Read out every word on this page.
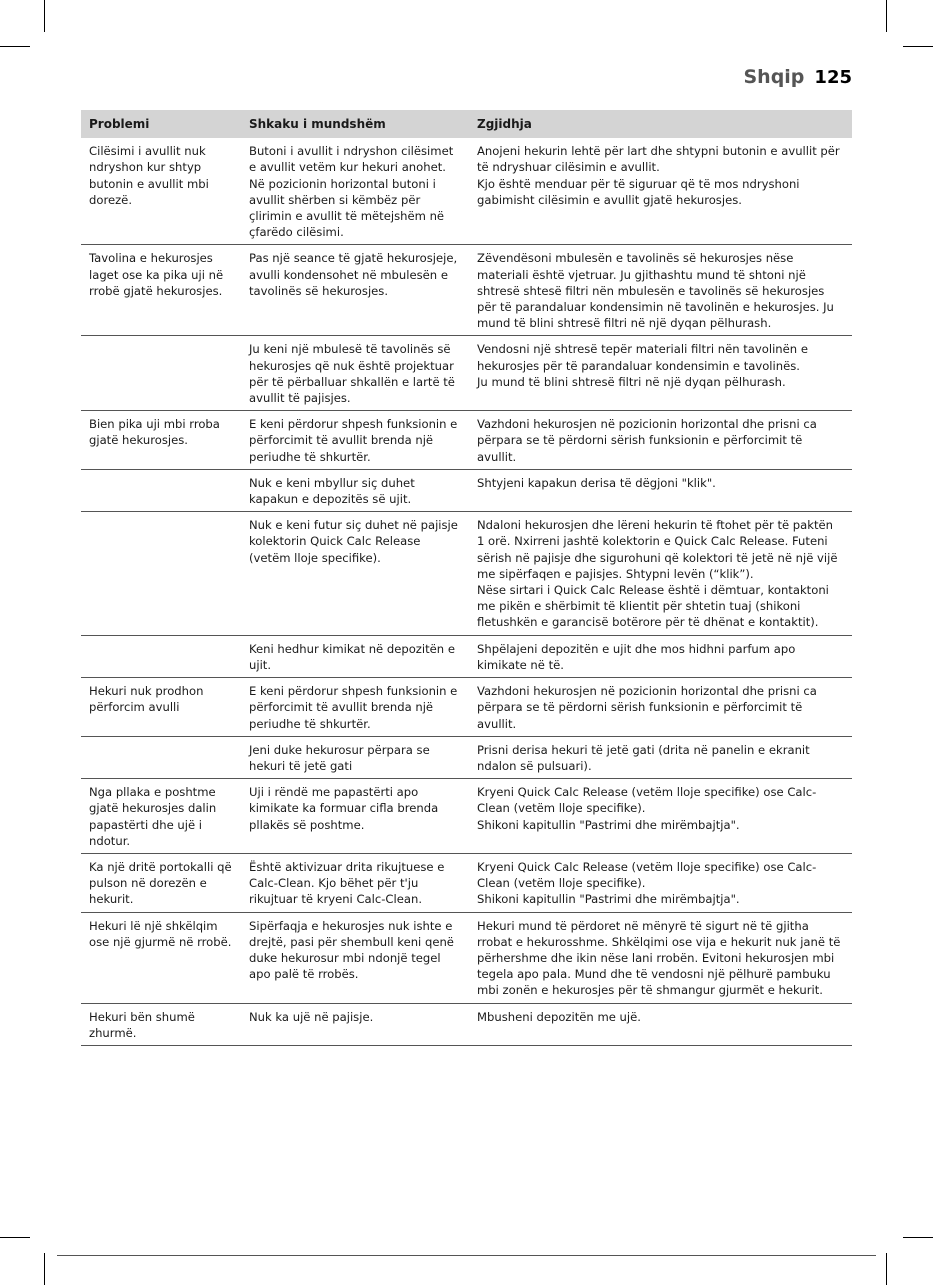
Shqip 125
Problemi	Shkaku i mundshëm	Zgjidhja
Cilësimi i avullit nuk ndryshon kur shtyp butonin e avullit mbi dorezë.	Butoni i avullit i ndryshon cilësimet e avullit vetëm kur hekuri anohet. Në pozicionin horizontal butoni i avullit shërben si këmbëz për çlirimin e avullit të mëtejshëm në çfarëdo cilësimi.	Anojeni hekurin lehtë për lart dhe shtypni butonin e avullit për të ndryshuar cilësimin e avullit.
Kjo është menduar për të siguruar që të mos ndryshoni gabimisht cilësimin e avullit gjatë hekurosjes.
Tavolina e hekurosjes laget ose ka pika uji në rrobë gjatë hekurosjes.	Pas një seance të gjatë hekurosjeje, avulli kondensohet në mbulesën e tavolinës së hekurosjes.	Zëvendësoni mbulesën e tavolinës së hekurosjes nëse materiali është vjetruar. Ju gjithashtu mund të shtoni një shtresë shtesë filtri nën mbulesën e tavolinës së hekurosjes për të parandaluar kondensimin në tavolinën e hekurosjes. Ju mund të blini shtresë filtri në një dyqan pëlhurash.
	Ju keni një mbulesë të tavolinës së hekurosjes që nuk është projektuar për të përballuar shkallën e lartë të avullit të pajisjes.	Vendosni një shtresë tepër materiali filtri nën tavolinën e hekurosjes për të parandaluar kondensimin e tavolinës.
Ju mund të blini shtresë filtri në një dyqan pëlhurash.
Bien pika uji mbi rroba gjatë hekurosjes.	E keni përdorur shpesh funksionin e përforcimit të avullit brenda një periudhe të shkurtër.	Vazhdoni hekurosjen në pozicionin horizontal dhe prisni ca përpara se të përdorni sërish funksionin e përforcimit të avullit.
	Nuk e keni mbyllur siç duhet kapakun e depozitës së ujit.	Shtyjeni kapakun derisa të dëgjoni "klik".
	Nuk e keni futur siç duhet në pajisje kolektorin Quick Calc Release (vetëm lloje specifike).	Ndaloni hekurosjen dhe lëreni hekurin të ftohet për të paktën 1 orë. Nxirreni jashtë kolektorin e Quick Calc Release. Futeni sërish në pajisje dhe sigurohuni që kolektori të jetë në një vijë me sipërfaqen e pajisjes. Shtypni levën (“klik”).
Nëse sirtari i Quick Calc Release është i dëmtuar, kontaktoni me pikën e shërbimit të klientit për shtetin tuaj (shikoni fletushkën e garancisë botërore për të dhënat e kontaktit).
	Keni hedhur kimikat në depozitën e ujit.	Shpëlajeni depozitën e ujit dhe mos hidhni parfum apo kimikate në të.
Hekuri nuk prodhon përforcim avulli	E keni përdorur shpesh funksionin e përforcimit të avullit brenda një periudhe të shkurtër.	Vazhdoni hekurosjen në pozicionin horizontal dhe prisni ca përpara se të përdorni sërish funksionin e përforcimit të avullit.
	Jeni duke hekurosur përpara se hekuri të jetë gati	Prisni derisa hekuri të jetë gati (drita në panelin e ekranit ndalon së pulsuari).
Nga pllaka e poshtme gjatë hekurosjes dalin papastërti dhe ujë i ndotur.	Uji i rëndë me papastërti apo kimikate ka formuar cifla brenda pllakës së poshtme.	Kryeni Quick Calc Release (vetëm lloje specifike) ose Calc-Clean (vetëm lloje specifike).
Shikoni kapitullin "Pastrimi dhe mirëmbajtja".
Ka një dritë portokalli që pulson në dorezën e hekurit.	Është aktivizuar drita rikujtuese e Calc-Clean. Kjo bëhet për t'ju rikujtuar të kryeni Calc-Clean.	Kryeni Quick Calc Release (vetëm lloje specifike) ose Calc-Clean (vetëm lloje specifike).
Shikoni kapitullin "Pastrimi dhe mirëmbajtja".
Hekuri lë një shkëlqim ose një gjurmë në rrobë.	Sipërfaqja e hekurosjes nuk ishte e drejtë, pasi për shembull keni qenë duke hekurosur mbi ndonjë tegel apo palë të rrobës.	Hekuri mund të përdoret në mënyrë të sigurt në të gjitha rrobat e hekurosshme. Shkëlqimi ose vija e hekurit nuk janë të përhershme dhe ikin nëse lani rrobën. Evitoni hekurosjen mbi tegela apo pala. Mund dhe të vendosni një pëlhurë pambuku mbi zonën e hekurosjes për të shmangur gjurmët e hekurit.
Hekuri bën shumë zhurmë.	Nuk ka ujë në pajisje.	Mbusheni depozitën me ujë.
